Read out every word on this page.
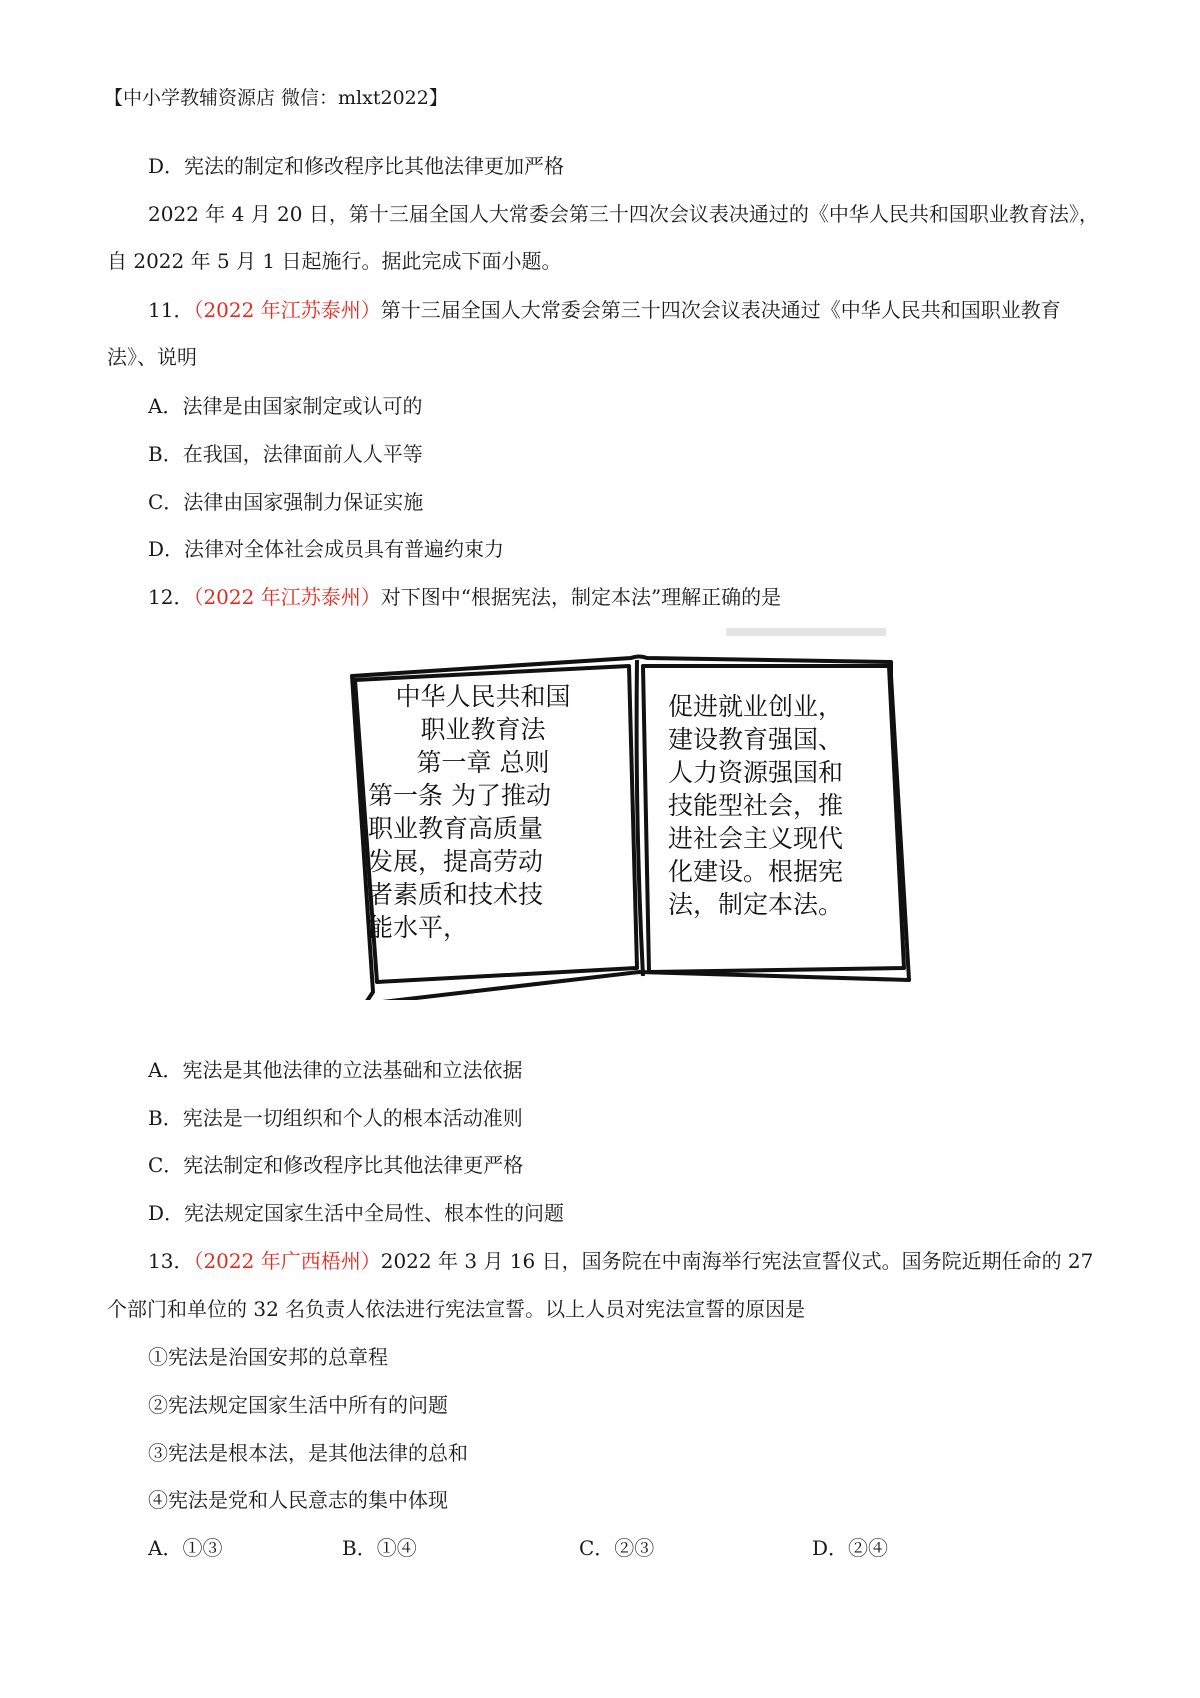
【中小学教辅资源店 微信：mlxt2022】
D．宪法的制定和修改程序比其他法律更加严格
2022 年 4 月 20 日，第十三届全国人大常委会第三十四次会议表决通过的《中华人民共和国职业教育法》，
自 2022 年 5 月 1 日起施行。据此完成下面小题。
11．（2022 年江苏泰州）第十三届全国人大常委会第三十四次会议表决通过《中华人民共和国职业教育
法》、说明
A．法律是由国家制定或认可的
B．在我国，法律面前人人平等
C．法律由国家强制力保证实施
D．法律对全体社会成员具有普遍约束力
12．（2022 年江苏泰州）对下图中“根据宪法，制定本法”理解正确的是
中华人民共和国
职业教育法
第一章 总则
第一条 为了推动
职业教育高质量
发展，提高劳动
者素质和技术技
能水平，
促进就业创业，
建设教育强国、
人力资源强国和
技能型社会，推
进社会主义现代
化建设。根据宪
法，制定本法。
A．宪法是其他法律的立法基础和立法依据
B．宪法是一切组织和个人的根本活动准则
C．宪法制定和修改程序比其他法律更严格
D．宪法规定国家生活中全局性、根本性的问题
13．（2022 年广西梧州）2022 年 3 月 16 日，国务院在中南海举行宪法宣誓仪式。国务院近期任命的 27
个部门和单位的 32 名负责人依法进行宪法宣誓。以上人员对宪法宣誓的原因是
①宪法是治国安邦的总章程
②宪法规定国家生活中所有的问题
③宪法是根本法，是其他法律的总和
④宪法是党和人民意志的集中体现
A．①③	B．①④	C．②③	D．②④
